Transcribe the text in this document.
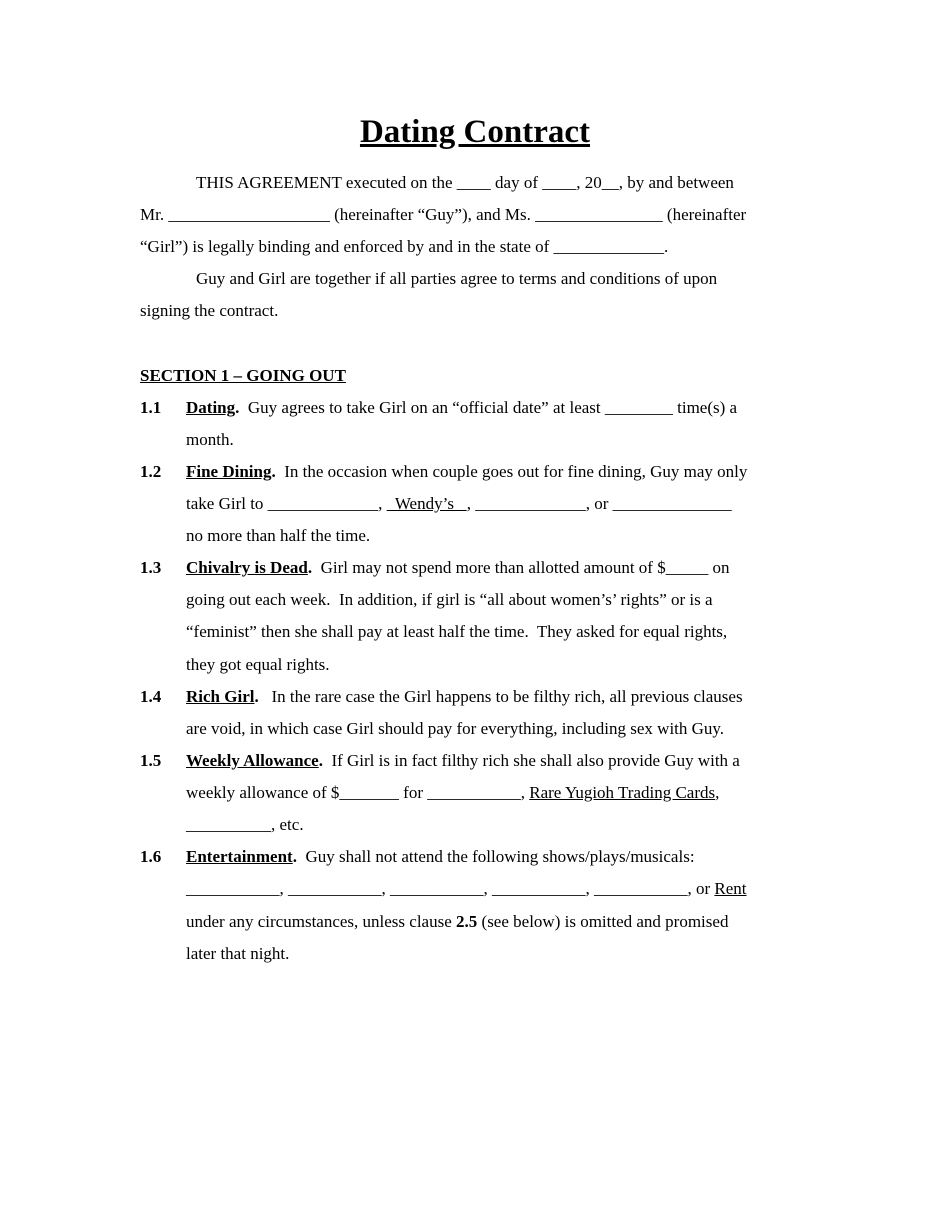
Dating Contract
THIS AGREEMENT executed on the ____ day of ____, 20__, by and between
Mr. ___________________ (hereinafter “Guy”), and Ms. _______________ (hereinafter
“Girl”) is legally binding and enforced by and in the state of _____________.
Guy and Girl are together if all parties agree to terms and conditions of upon
signing the contract.
SECTION 1 – GOING OUT
1.1 Dating.  Guy agrees to take Girl on an “official date” at least ________ time(s) a
month.
1.2 Fine Dining.  In the occasion when couple goes out for fine dining, Guy may only
take Girl to _____________,   Wendy’s   , _____________, or ______________
no more than half the time.
1.3 Chivalry is Dead.  Girl may not spend more than allotted amount of $_____ on
going out each week.  In addition, if girl is “all about women’s’ rights” or is a
“feminist” then she shall pay at least half the time.  They asked for equal rights,
they got equal rights.
1.4 Rich Girl.   In the rare case the Girl happens to be filthy rich, all previous clauses
are void, in which case Girl should pay for everything, including sex with Guy.
1.5 Weekly Allowance.  If Girl is in fact filthy rich she shall also provide Guy with a
weekly allowance of $_______ for ___________, Rare Yugioh Trading Cards,
__________, etc.
1.6 Entertainment.  Guy shall not attend the following shows/plays/musicals:
___________, ___________, ___________, ___________, ___________, or Rent
under any circumstances, unless clause 2.5 (see below) is omitted and promised
later that night.
